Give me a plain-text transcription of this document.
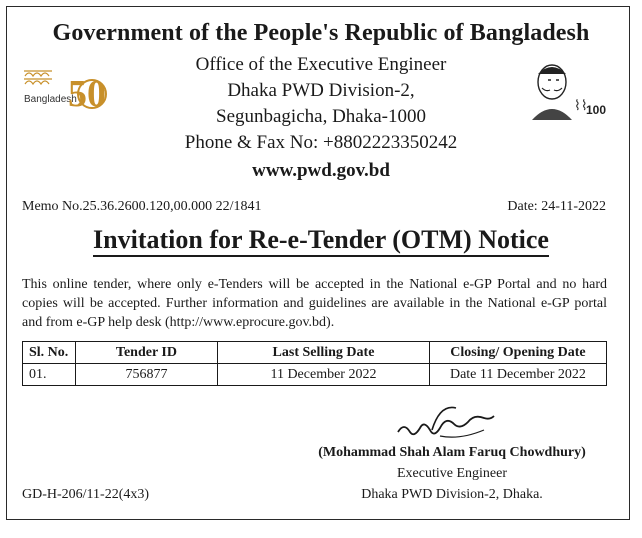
Government of the People's Republic of Bangladesh
Bangladesh
50
Office of the Executive Engineer
Dhaka PWD Division-2,
Segunbagicha, Dhaka-1000
Phone & Fax No: +8802223350242
⌇⌇
100
www.pwd.gov.bd
Memo No.25.36.2600.120,00.000 22/1841	Date: 24-11-2022
Invitation for Re-e-Tender (OTM) Notice
This online tender, where only e-Tenders will be accepted in the National e-GP Portal and no hard copies will be accepted. Further information and guidelines are available in the National e-GP portal and from e-GP help desk (http://www.eprocure.gov.bd).
Sl. No.	Tender ID	Last Selling Date	Closing/ Opening Date
01.	756877	11 December 2022	Date 11 December 2022
(Mohammad Shah Alam Faruq Chowdhury)
Executive Engineer
Dhaka PWD Division-2, Dhaka.
GD-H-206/11-22(4x3)
